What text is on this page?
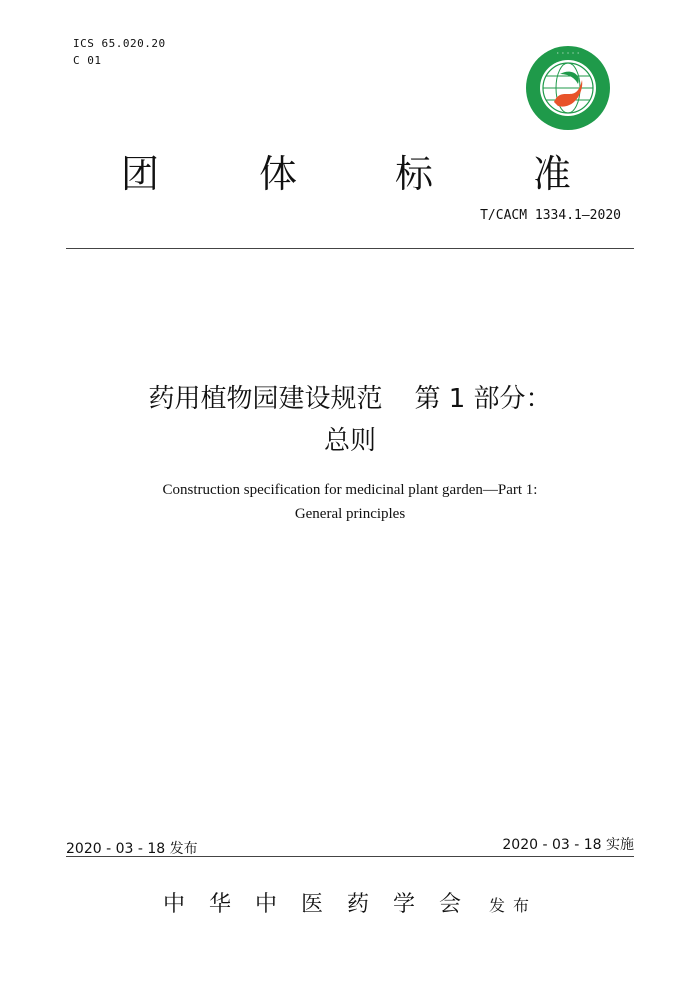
ICS 65.020.20
C 01
· · · · ·
团	体	标	准
T/CACM 1334.1—2020
药用植物园建设规范 第 1 部分：
总则
Construction specification for medicinal plant garden—Part 1:
General principles
2020 - 03 - 18 发布	2020 - 03 - 18 实施
中华中医药学会 发布
